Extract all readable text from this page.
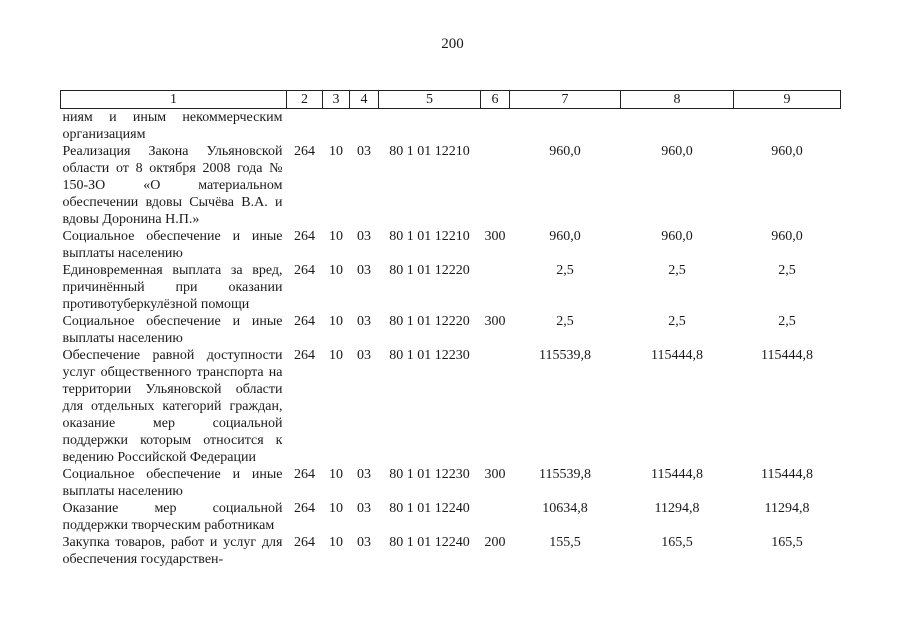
200
1	2	3	4	5	6	7	8	9
ниям и иным некоммерческим организациям								
Реализация Закона Ульяновской области от 8 октября 2008 года № 150-ЗО «О материальном обеспечении вдовы Сычёва В.А. и вдовы Доронина Н.П.»	264	10	03	80 1 01 12210		960,0	960,0	960,0
Социальное обеспечение и иные выплаты населению	264	10	03	80 1 01 12210	300	960,0	960,0	960,0
Единовременная выплата за вред, причинённый при оказании противотуберкулёзной помощи	264	10	03	80 1 01 12220		2,5	2,5	2,5
Социальное обеспечение и иные выплаты населению	264	10	03	80 1 01 12220	300	2,5	2,5	2,5
Обеспечение равной доступности услуг общественного транспорта на территории Ульяновской области для отдельных категорий граждан, оказание мер социальной поддержки которым относится к ведению Российской Федерации	264	10	03	80 1 01 12230		115539,8	115444,8	115444,8
Социальное обеспечение и иные выплаты населению	264	10	03	80 1 01 12230	300	115539,8	115444,8	115444,8
Оказание мер социальной поддержки творческим работникам	264	10	03	80 1 01 12240		10634,8	11294,8	11294,8
Закупка товаров, работ и услуг для обеспечения государствен-	264	10	03	80 1 01 12240	200	155,5	165,5	165,5
